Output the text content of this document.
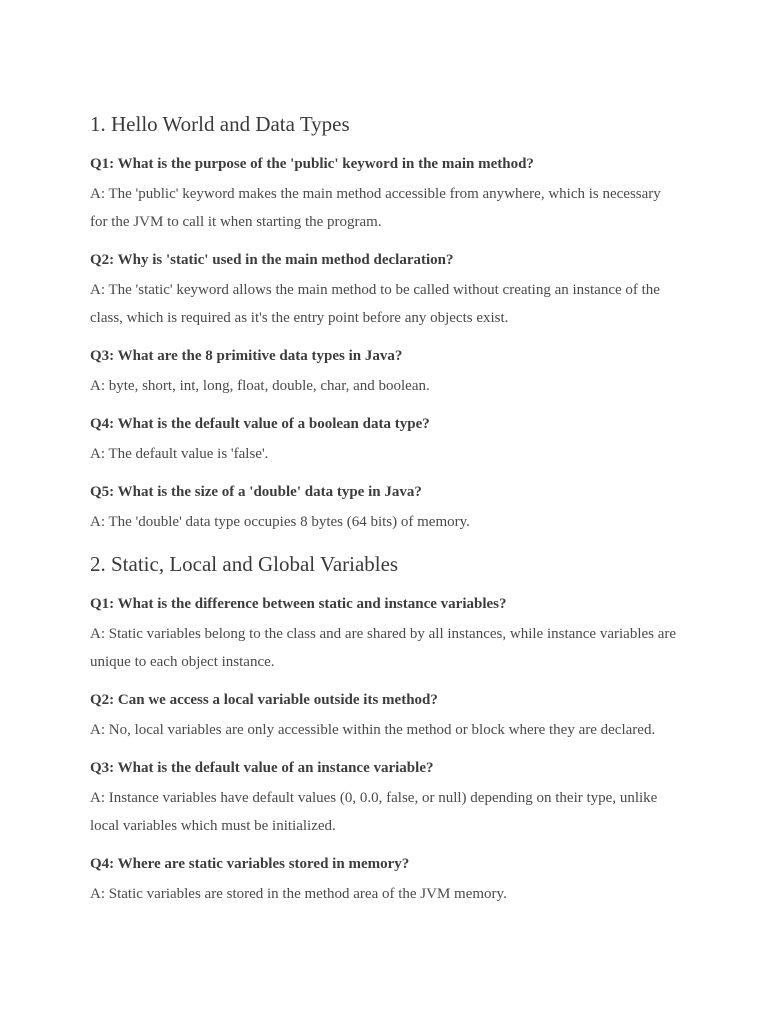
1. Hello World and Data Types

Q1: What is the purpose of the 'public' keyword in the main method?

A: The 'public' keyword makes the main method accessible from anywhere, which is necessary for the JVM to call it when starting the program.

Q2: Why is 'static' used in the main method declaration?

A: The 'static' keyword allows the main method to be called without creating an instance of the class, which is required as it's the entry point before any objects exist.

Q3: What are the 8 primitive data types in Java?

A: byte, short, int, long, float, double, char, and boolean.

Q4: What is the default value of a boolean data type?

A: The default value is 'false'.

Q5: What is the size of a 'double' data type in Java?

A: The 'double' data type occupies 8 bytes (64 bits) of memory.

2. Static, Local and Global Variables

Q1: What is the difference between static and instance variables?

A: Static variables belong to the class and are shared by all instances, while instance variables are unique to each object instance.

Q2: Can we access a local variable outside its method?

A: No, local variables are only accessible within the method or block where they are declared.

Q3: What is the default value of an instance variable?

A: Instance variables have default values (0, 0.0, false, or null) depending on their type, unlike local variables which must be initialized.

Q4: Where are static variables stored in memory?

A: Static variables are stored in the method area of the JVM memory.
